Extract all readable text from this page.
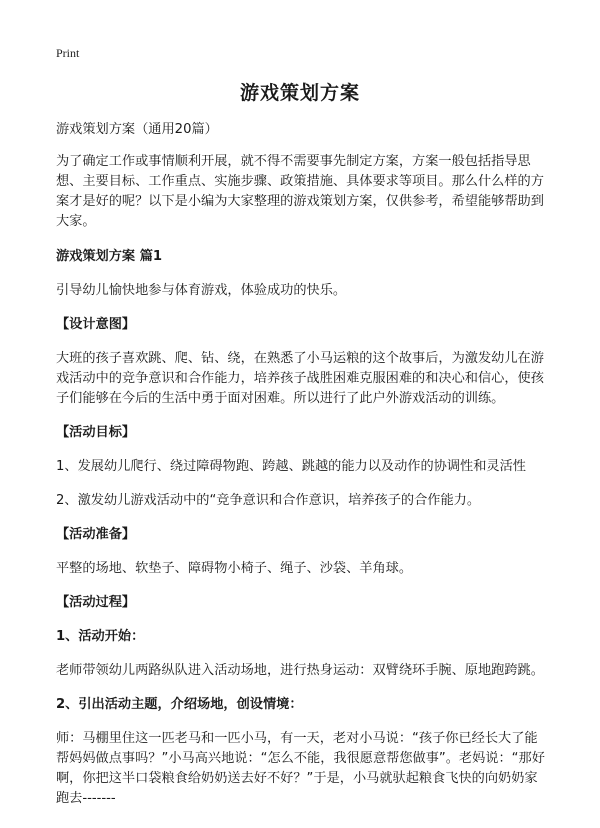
Print
游戏策划方案

游戏策划方案（通用20篇）

为了确定工作或事情顺利开展，就不得不需要事先制定方案，方案一般包括指导思想、主要目标、工作重点、实施步骤、政策措施、具体要求等项目。那么什么样的方案才是好的呢？以下是小编为大家整理的游戏策划方案，仅供参考，希望能够帮助到大家。

游戏策划方案 篇1

引导幼儿愉快地参与体育游戏，体验成功的快乐。

【设计意图】

大班的孩子喜欢跳、爬、钻、绕，在熟悉了小马运粮的这个故事后，为激发幼儿在游戏活动中的竞争意识和合作能力，培养孩子战胜困难克服困难的和决心和信心，使孩子们能够在今后的生活中勇于面对困难。所以进行了此户外游戏活动的训练。

【活动目标】

1、发展幼儿爬行、绕过障碍物跑、跨越、跳越的能力以及动作的协调性和灵活性

2、激发幼儿游戏活动中的“竞争意识和合作意识，培养孩子的合作能力。

【活动准备】

平整的场地、软垫子、障碍物小椅子、绳子、沙袋、羊角球。

【活动过程】

1、活动开始：

老师带领幼儿两路纵队进入活动场地，进行热身运动：双臂绕环手腕、原地跑跨跳。

2、引出活动主题，介绍场地，创设情境：

师：马棚里住这一匹老马和一匹小马，有一天，老对小马说：“孩子你已经长大了能帮妈妈做点事吗？”小马高兴地说：“怎么不能，我很愿意帮您做事”。老妈说：“那好啊，你把这半口袋粮食给奶奶送去好不好？”于是，小马就驮起粮食飞快的向奶奶家跑去-------
